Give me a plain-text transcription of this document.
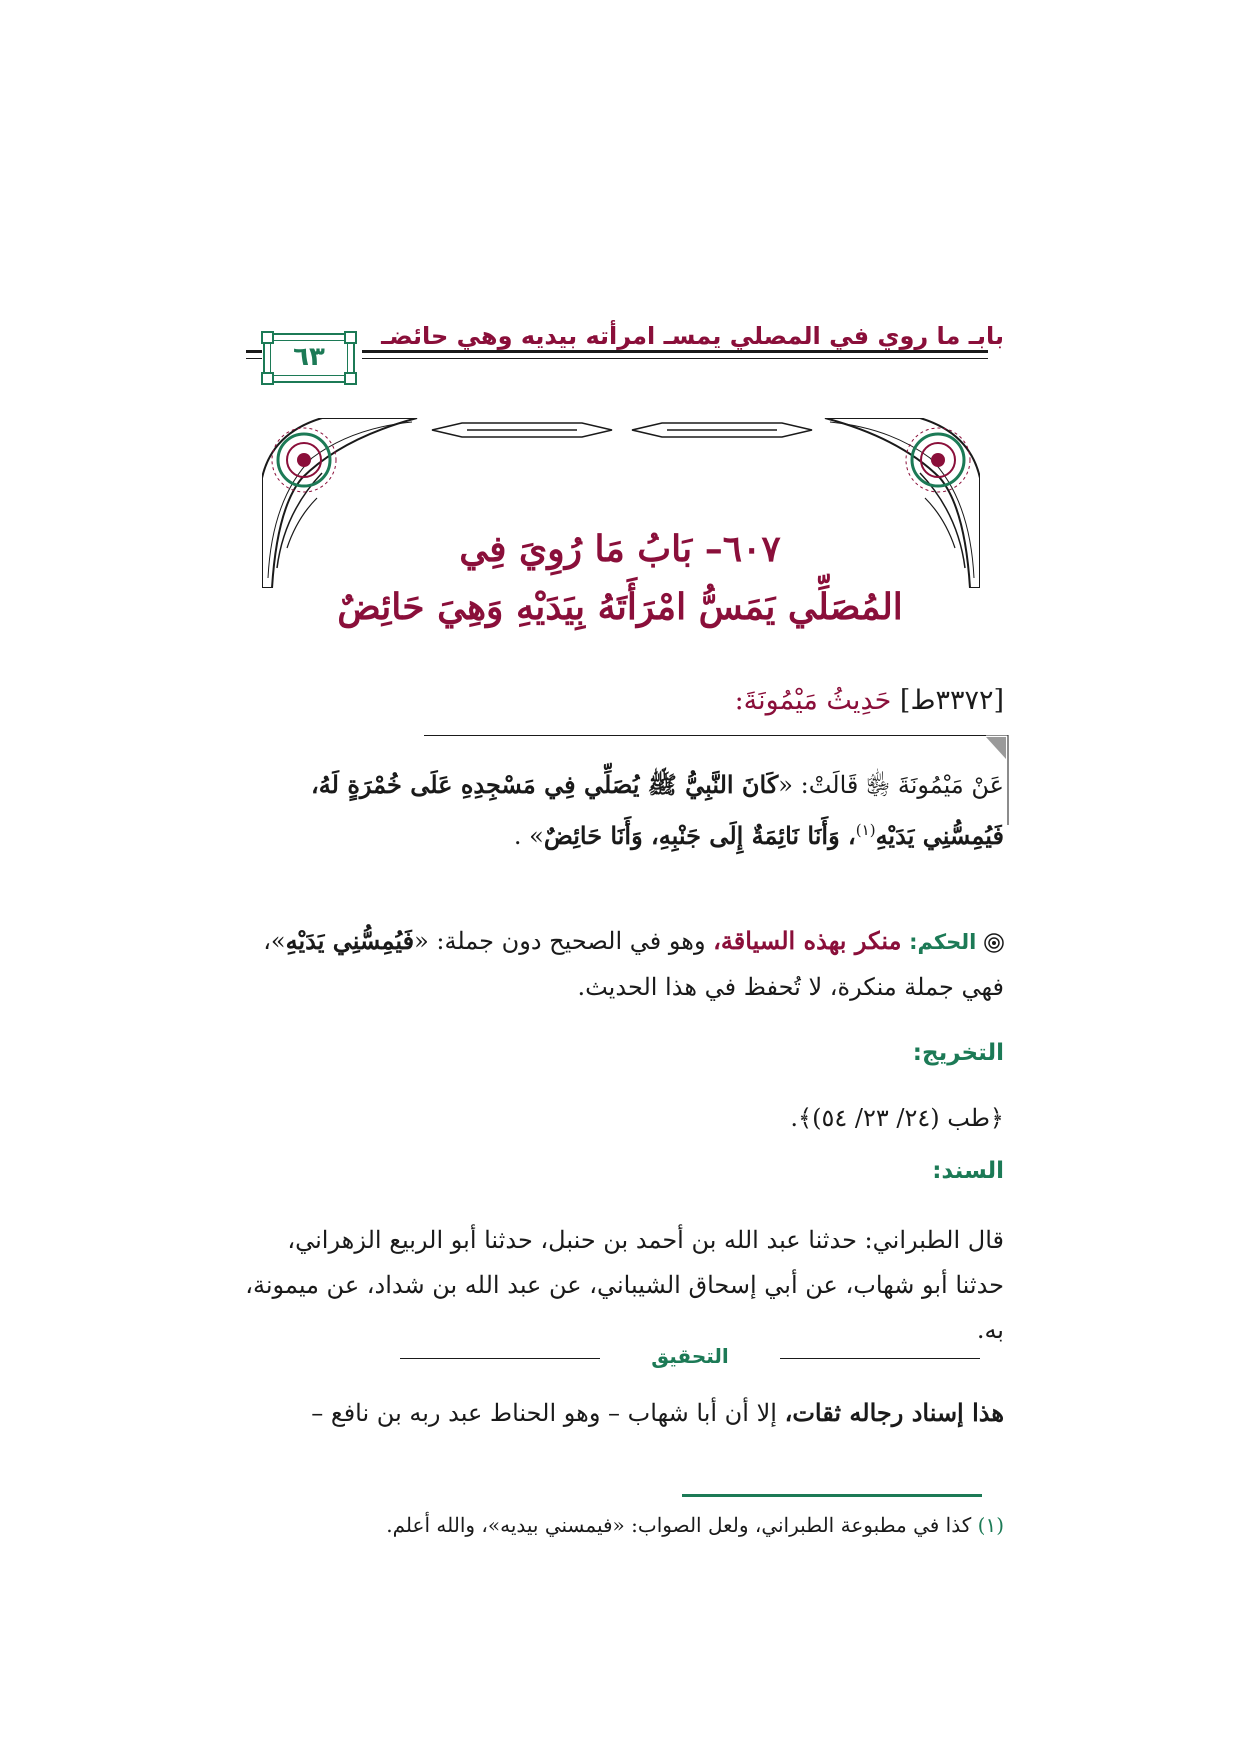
بابـ ما روي في المصلي يمسـ امرأته بيديه وهي حائضـ
٦٣
٦٠٧– بَابُ مَا رُوِيَ فِي
المُصَلِّي يَمَسُّ امْرَأَتَهُ بِيَدَيْهِ وَهِيَ حَائِضٌ
[٣٣٧٢ط] حَدِيثُ مَيْمُونَةَ:
عَنْ مَيْمُونَةَ ﵂ قَالَتْ: «كَانَ النَّبِيُّ ﷺ يُصَلِّي فِي مَسْجِدِهِ عَلَى خُمْرَةٍ لَهُ، فَيُمِسُّنِي يَدَيْهِ$^{(١)}$، وَأَنَا نَائِمَةٌ إِلَى جَنْبِهِ، وَأَنَا حَائِضٌ» .
الحكم: منكر بهذه السياقة، وهو في الصحيح دون جملة: «فَيُمِسُّنِي يَدَيْهِ»، فهي جملة منكرة، لا تُحفظ في هذا الحديث.
التخريج:
﴿طب (٢٤/ ٢٣/ ٥٤)﴾.
السند:
قال الطبراني: حدثنا عبد الله بن أحمد بن حنبل، حدثنا أبو الربيع الزهراني، حدثنا أبو شهاب، عن أبي إسحاق الشيباني، عن عبد الله بن شداد، عن ميمونة، به.
التحقيق
هذا إسناد رجاله ثقات، إلا أن أبا شهاب – وهو الحناط عبد ربه بن نافع –
(١) كذا في مطبوعة الطبراني، ولعل الصواب: «فيمسني بيديه»، والله أعلم.
